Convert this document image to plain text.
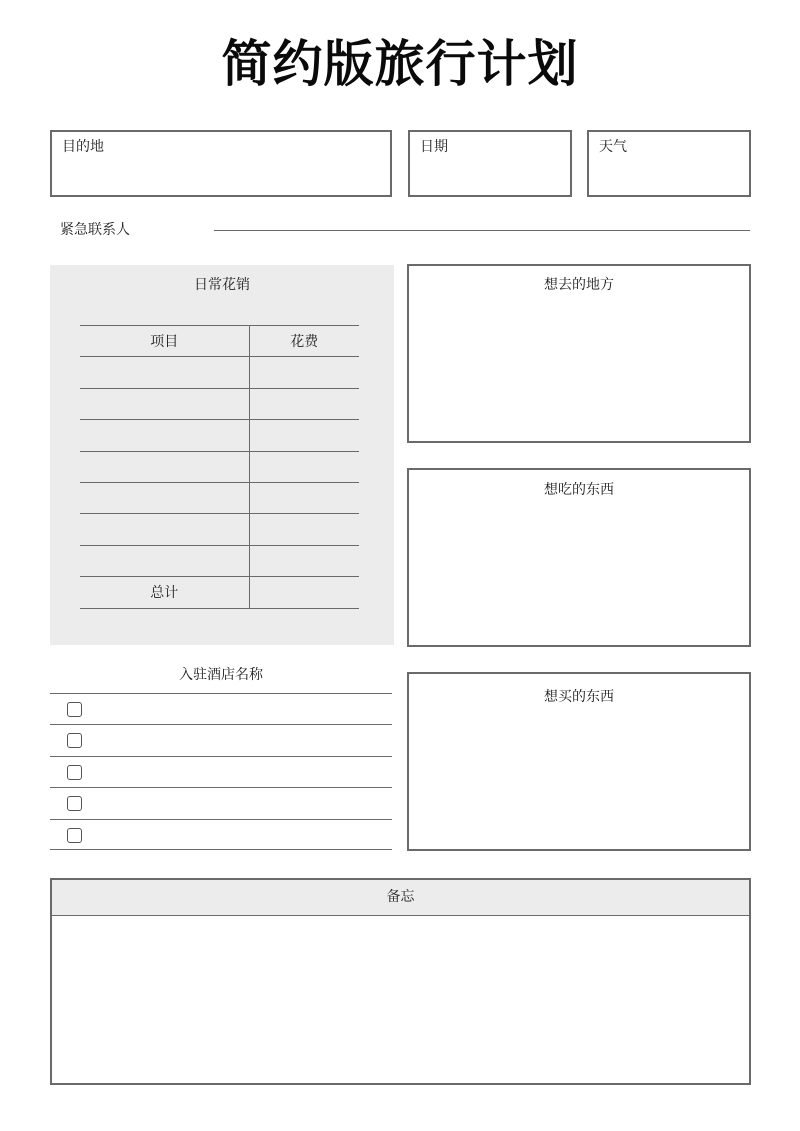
简约版旅行计划
目的地	日期	天气
紧急联系人
日常花销
项目	花费

总计	
想去的地方
想吃的东西
想买的东西
入驻酒店名称
备忘
